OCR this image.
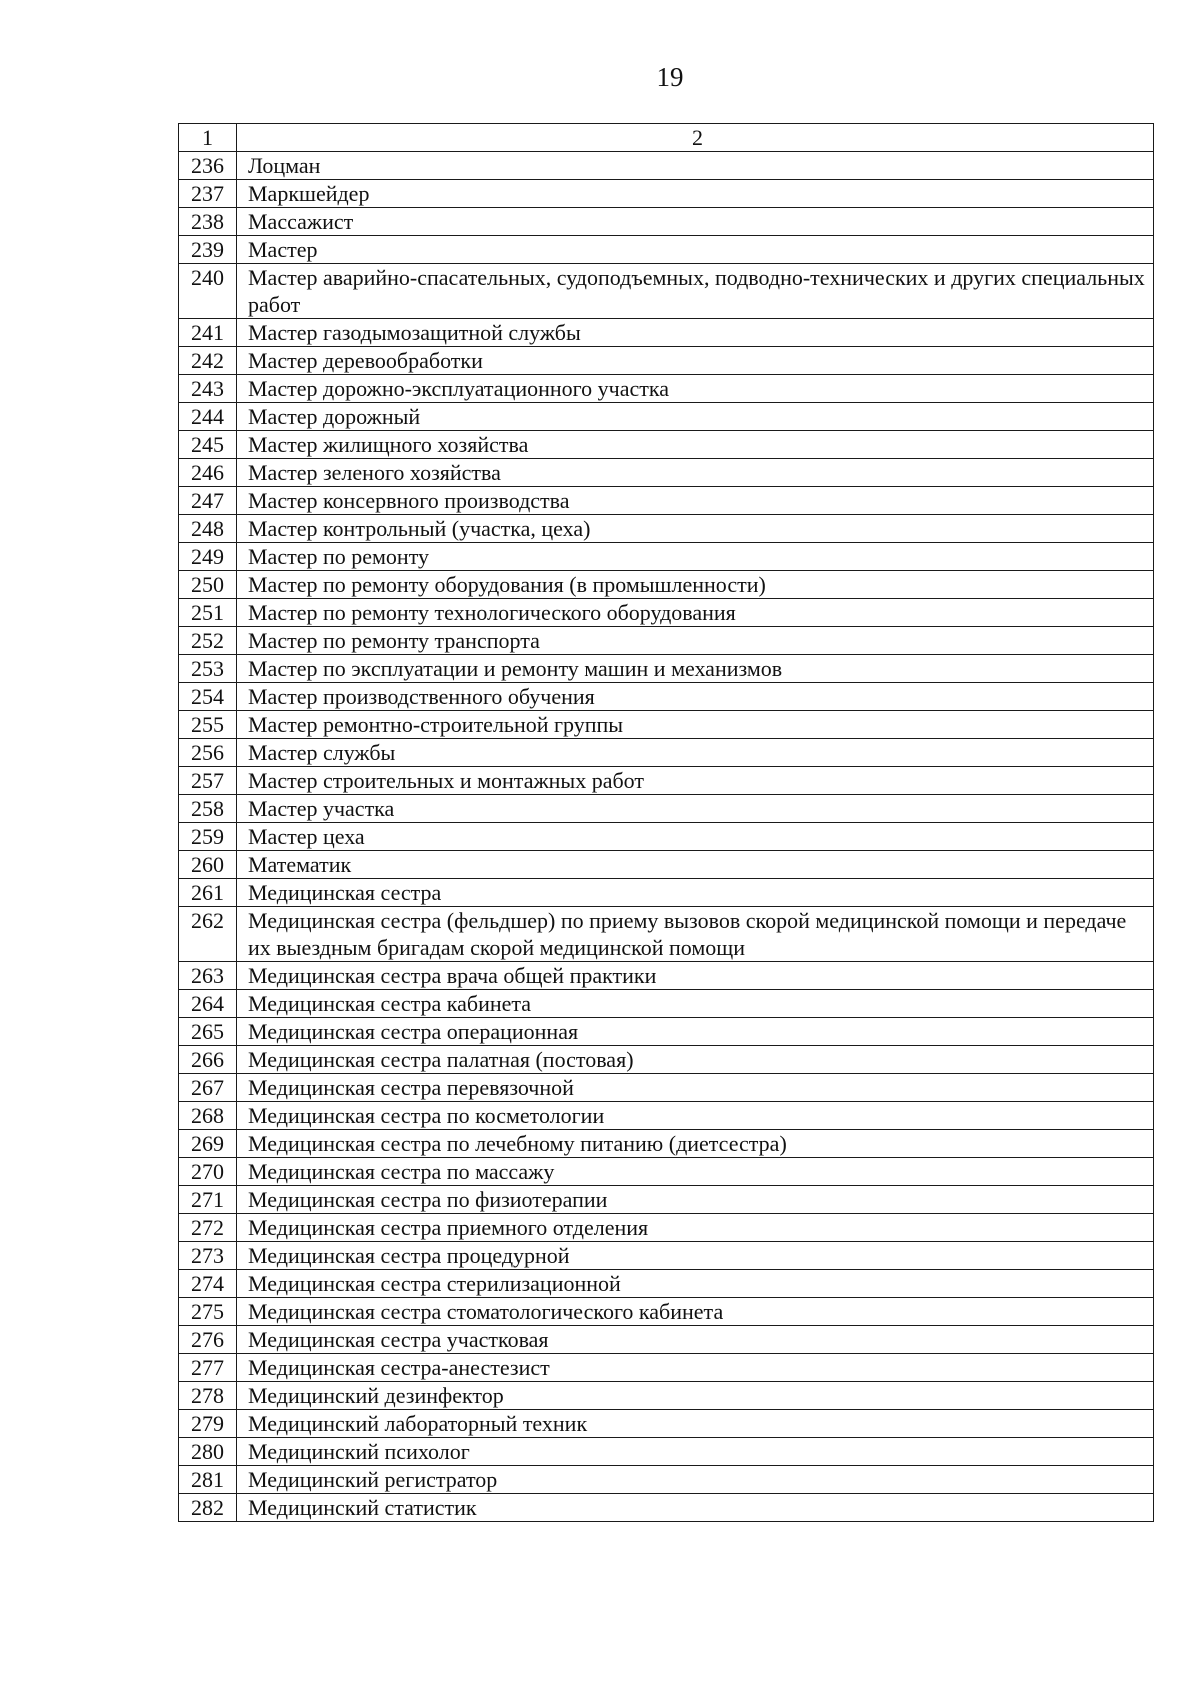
19
1	2
236	Лоцман
237	Маркшейдер
238	Массажист
239	Мастер
240	Мастер аварийно-спасательных, судоподъемных, подводно-технических и других специальных работ
241	Мастер газодымозащитной службы
242	Мастер деревообработки
243	Мастер дорожно-эксплуатационного участка
244	Мастер дорожный
245	Мастер жилищного хозяйства
246	Мастер зеленого хозяйства
247	Мастер консервного производства
248	Мастер контрольный (участка, цеха)
249	Мастер по ремонту
250	Мастер по ремонту оборудования (в промышленности)
251	Мастер по ремонту технологического оборудования
252	Мастер по ремонту транспорта
253	Мастер по эксплуатации и ремонту машин и механизмов
254	Мастер производственного обучения
255	Мастер ремонтно-строительной группы
256	Мастер службы
257	Мастер строительных и монтажных работ
258	Мастер участка
259	Мастер цеха
260	Математик
261	Медицинская сестра
262	Медицинская сестра (фельдшер) по приему вызовов скорой медицинской помощи и передаче их выездным бригадам скорой медицинской помощи
263	Медицинская сестра врача общей практики
264	Медицинская сестра кабинета
265	Медицинская сестра операционная
266	Медицинская сестра палатная (постовая)
267	Медицинская сестра перевязочной
268	Медицинская сестра по косметологии
269	Медицинская сестра по лечебному питанию (диетсестра)
270	Медицинская сестра по массажу
271	Медицинская сестра по физиотерапии
272	Медицинская сестра приемного отделения
273	Медицинская сестра процедурной
274	Медицинская сестра стерилизационной
275	Медицинская сестра стоматологического кабинета
276	Медицинская сестра участковая
277	Медицинская сестра-анестезист
278	Медицинский дезинфектор
279	Медицинский лабораторный техник
280	Медицинский психолог
281	Медицинский регистратор
282	Медицинский статистик
